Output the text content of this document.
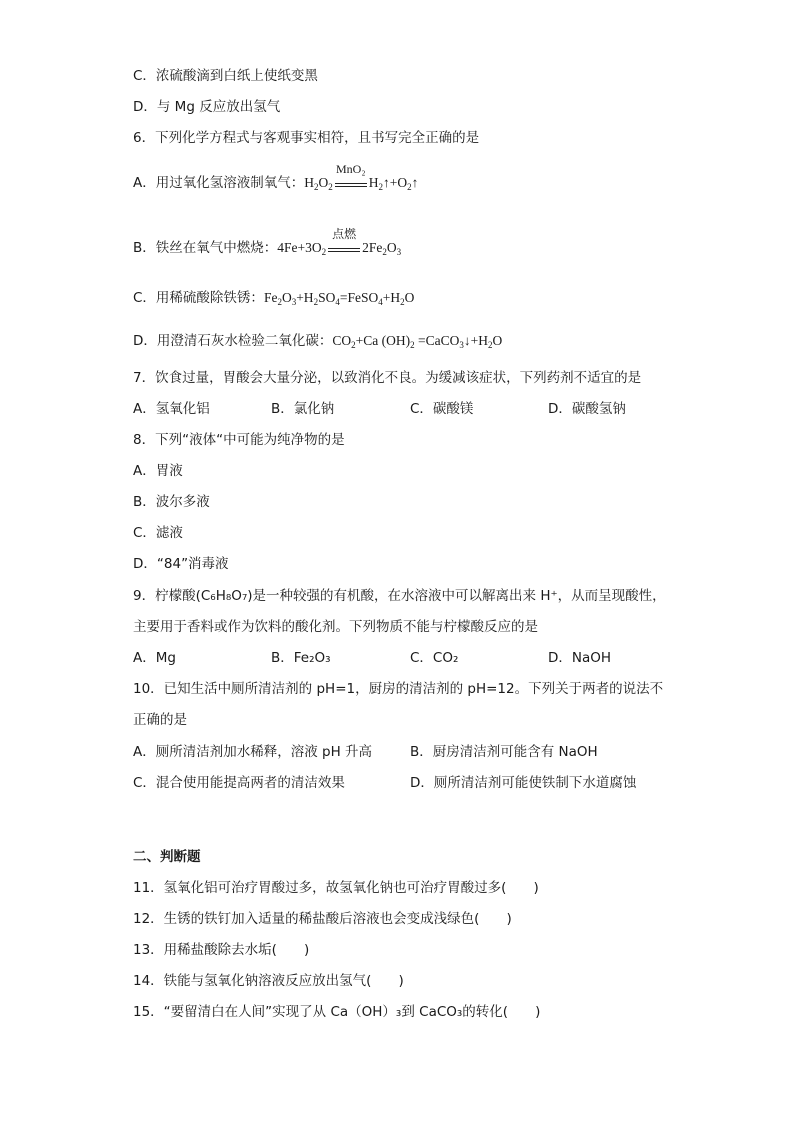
C．浓硫酸滴到白纸上使纸变黑
D．与 Mg 反应放出氢气
6．下列化学方程式与客观事实相符，且书写完全正确的是
A．用过氧化氢溶液制氧气：$H_2O_2$
MnO₂
$H_2↑+O_2↑$
B．铁丝在氧气中燃烧：$4Fe+3O_2$
点燃
$2Fe_2O_3$
C．用稀硫酸除铁锈：$Fe_2O_3+H_2SO_4=FeSO_4+H_2O$
D．用澄清石灰水检验二氧化碳：$CO_2+Ca$ $(OH)_2$ $=CaCO_3↓+H_2O$
7．饮食过量，胃酸会大量分泌，以致消化不良。为缓减该症状，下列药剂不适宜的是
A．氢氧化铝	B．氯化钠	C．碳酸镁	D．碳酸氢钠
8．下列“液体“中可能为纯净物的是
A．胃液
B．波尔多液
C．滤液
D．“84”消毒液
9．柠檬酸(C₆H₈O₇)是一种较强的有机酸，在水溶液中可以解离出来 H⁺，从而呈现酸性，
主要用于香料或作为饮料的酸化剂。下列物质不能与柠檬酸反应的是
A．Mg	B．Fe₂O₃	C．CO₂	D．NaOH
10．已知生活中厕所清洁剂的 pH=1，厨房的清洁剂的 pH=12。下列关于两者的说法不
正确的是
A．厕所清洁剂加水稀释，溶液 pH 升高	B．厨房清洁剂可能含有 NaOH
C．混合使用能提高两者的清洁效果	D．厕所清洁剂可能使铁制下水道腐蚀
二、判断题
11．氢氧化铝可治疗胃酸过多，故氢氧化钠也可治疗胃酸过多(　　)
12．生锈的铁钉加入适量的稀盐酸后溶液也会变成浅绿色(　　)
13．用稀盐酸除去水垢(　　)
14．铁能与氢氧化钠溶液反应放出氢气(　　)
15．“要留清白在人间”实现了从 Ca（OH）₃到 CaCO₃的转化(　　)
